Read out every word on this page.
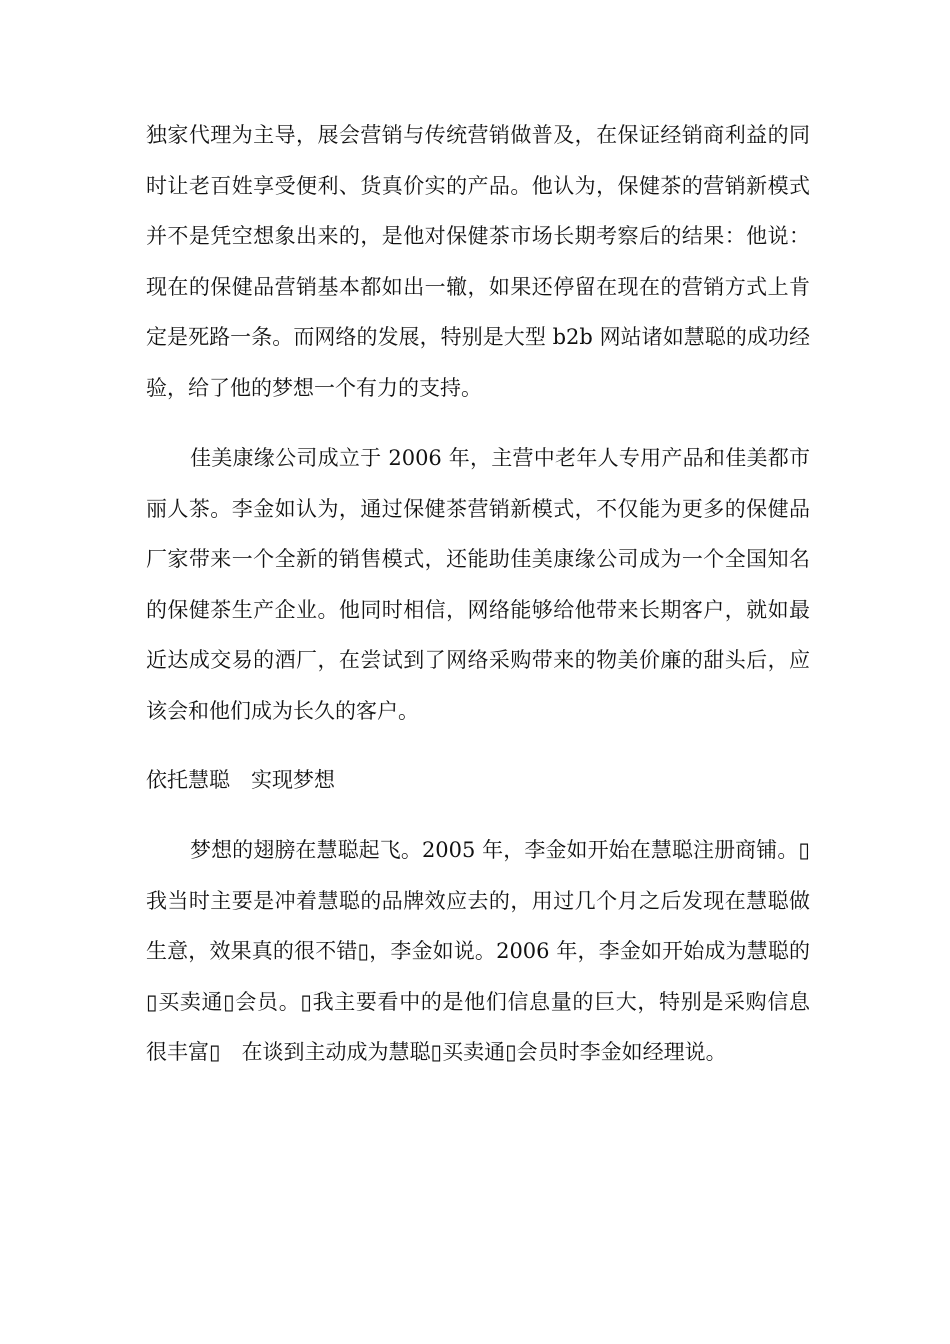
独家代理为主导，展会营销与传统营销做普及，在保证经销商利益的同时让老百姓享受便利、货真价实的产品。他认为，保健茶的营销新模式并不是凭空想象出来的，是他对保健茶市场长期考察后的结果：他说：现在的保健品营销基本都如出一辙，如果还停留在现在的营销方式上肯定是死路一条。而网络的发展，特别是大型 b2b 网站诸如慧聪的成功经验，给了他的梦想一个有力的支持。

佳美康缘公司成立于 2006 年，主营中老年人专用产品和佳美都市丽人茶。李金如认为，通过保健茶营销新模式，不仅能为更多的保健品厂家带来一个全新的销售模式，还能助佳美康缘公司成为一个全国知名的保健茶生产企业。他同时相信，网络能够给他带来长期客户，就如最近达成交易的酒厂，在尝试到了网络采购带来的物美价廉的甜头后，应该会和他们成为长久的客户。

依托慧聪　实现梦想

梦想的翅膀在慧聪起飞。2005 年，李金如开始在慧聪注册商铺。▯我当时主要是冲着慧聪的品牌效应去的，用过几个月之后发现在慧聪做生意，效果真的很不错▯，李金如说。2006 年，李金如开始成为慧聪的▯买卖通▯会员。▯我主要看中的是他们信息量的巨大，特别是采购信息很丰富▯　在谈到主动成为慧聪▯买卖通▯会员时李金如经理说。
